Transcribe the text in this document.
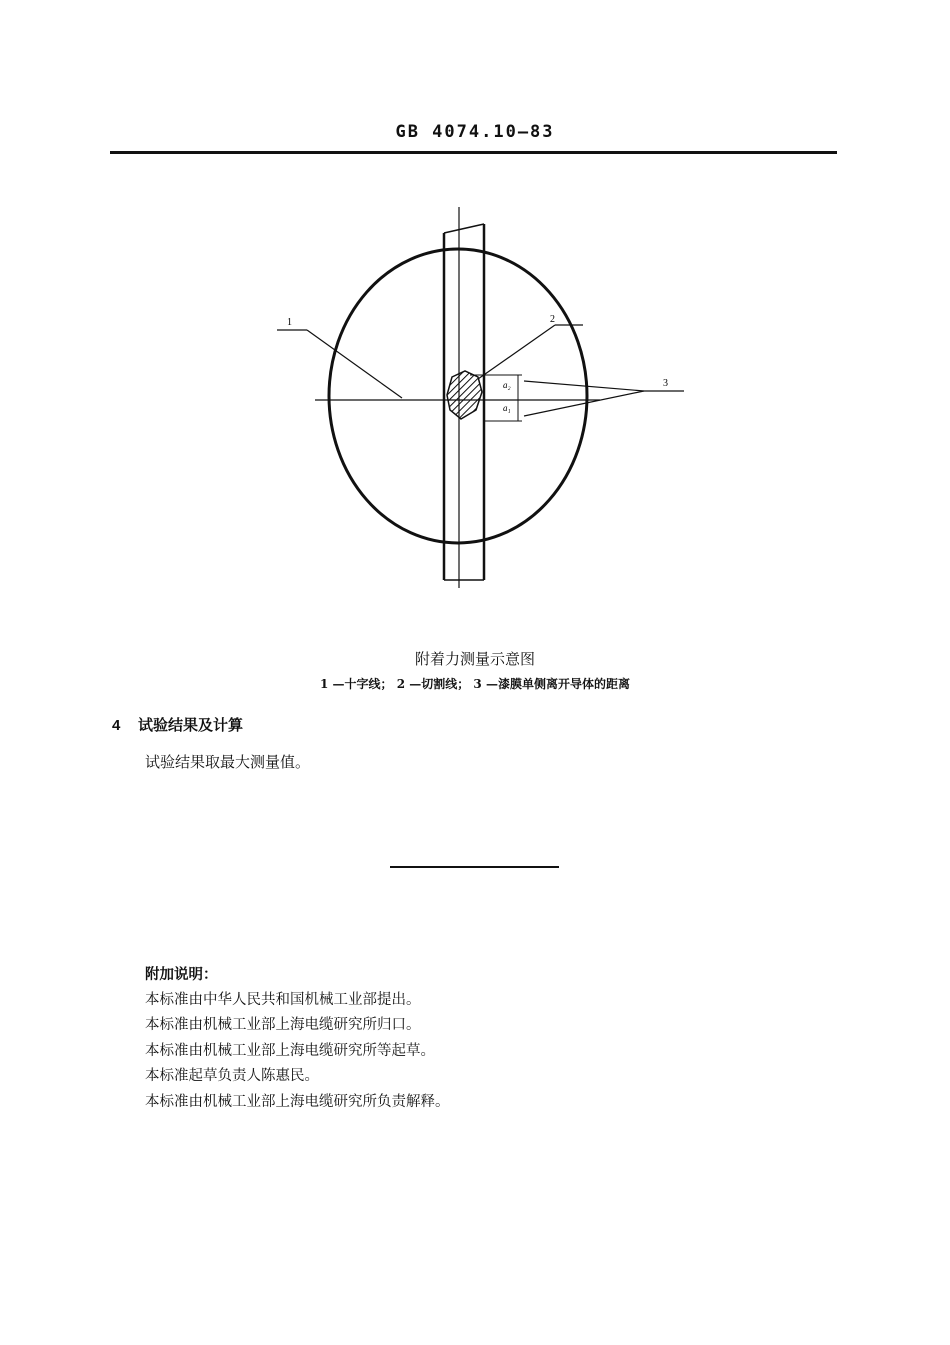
GB 4074.10—83
1	2
a₂
a₁
3
附着力测量示意图
1 —十字线； 2 —切割线； 3 —漆膜单侧离开导体的距离
4 试验结果及计算
试验结果取最大测量值。
附加说明：
本标准由中华人民共和国机械工业部提出。
本标准由机械工业部上海电缆研究所归口。
本标准由机械工业部上海电缆研究所等起草。
本标准起草负责人陈惠民。
本标准由机械工业部上海电缆研究所负责解释。
